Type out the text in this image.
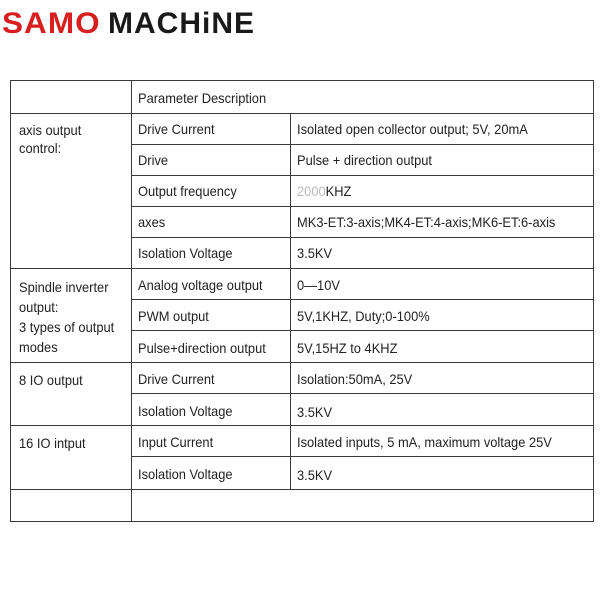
SAMO MACHiNE
Parameter Description
axis output control:
Drive Current	Isolated open collector output; 5V, 20mA
Drive	Pulse + direction output
Output frequency	2000KHZ
axes	MK3-ET:3-axis;MK4-ET:4-axis;MK6-ET:6-axis
Isolation Voltage	3.5KV
Spindle inverter
output:
3 types of output
modes
Analog voltage output 0—10V
PWM output	5V,1KHZ, Duty;0-100%
Pulse+direction output 5V,15HZ to 4KHZ
8 IO output	Drive Current	Isolation:50mA, 25V
Isolation Voltage	3.5KV
16 IO intput	Input Current	Isolated inputs, 5 mA, maximum voltage 25V
Isolation Voltage	3.5KV
